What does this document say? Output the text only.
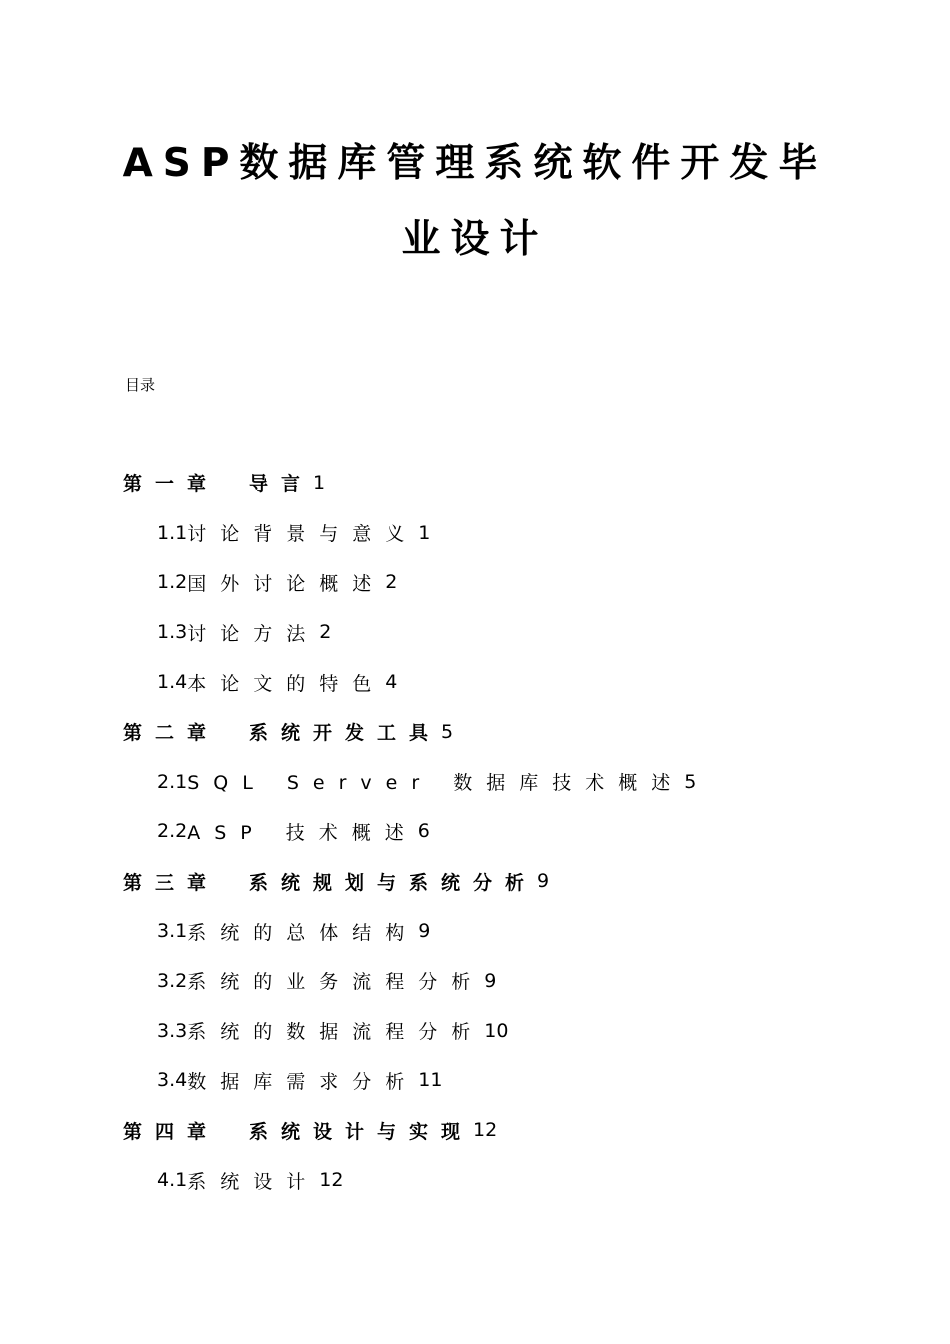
ASP数据库管理系统软件开发毕
业设计
目录
第一章 导言 1
1.1 讨论背景与意义 1
1.2 国外讨论概述 2
1.3 讨论方法 2
1.4 本论文的特色 4
第二章 系统开发工具 5
2.1 SQL Server 数据库技术概述 5
2.2 ASP 技术概述 6
第三章 系统规划与系统分析 9
3.1 系统的总体结构 9
3.2 系统的业务流程分析 9
3.3 系统的数据流程分析 10
3.4 数据库需求分析 11
第四章 系统设计与实现 12
4.1 系统设计 12
